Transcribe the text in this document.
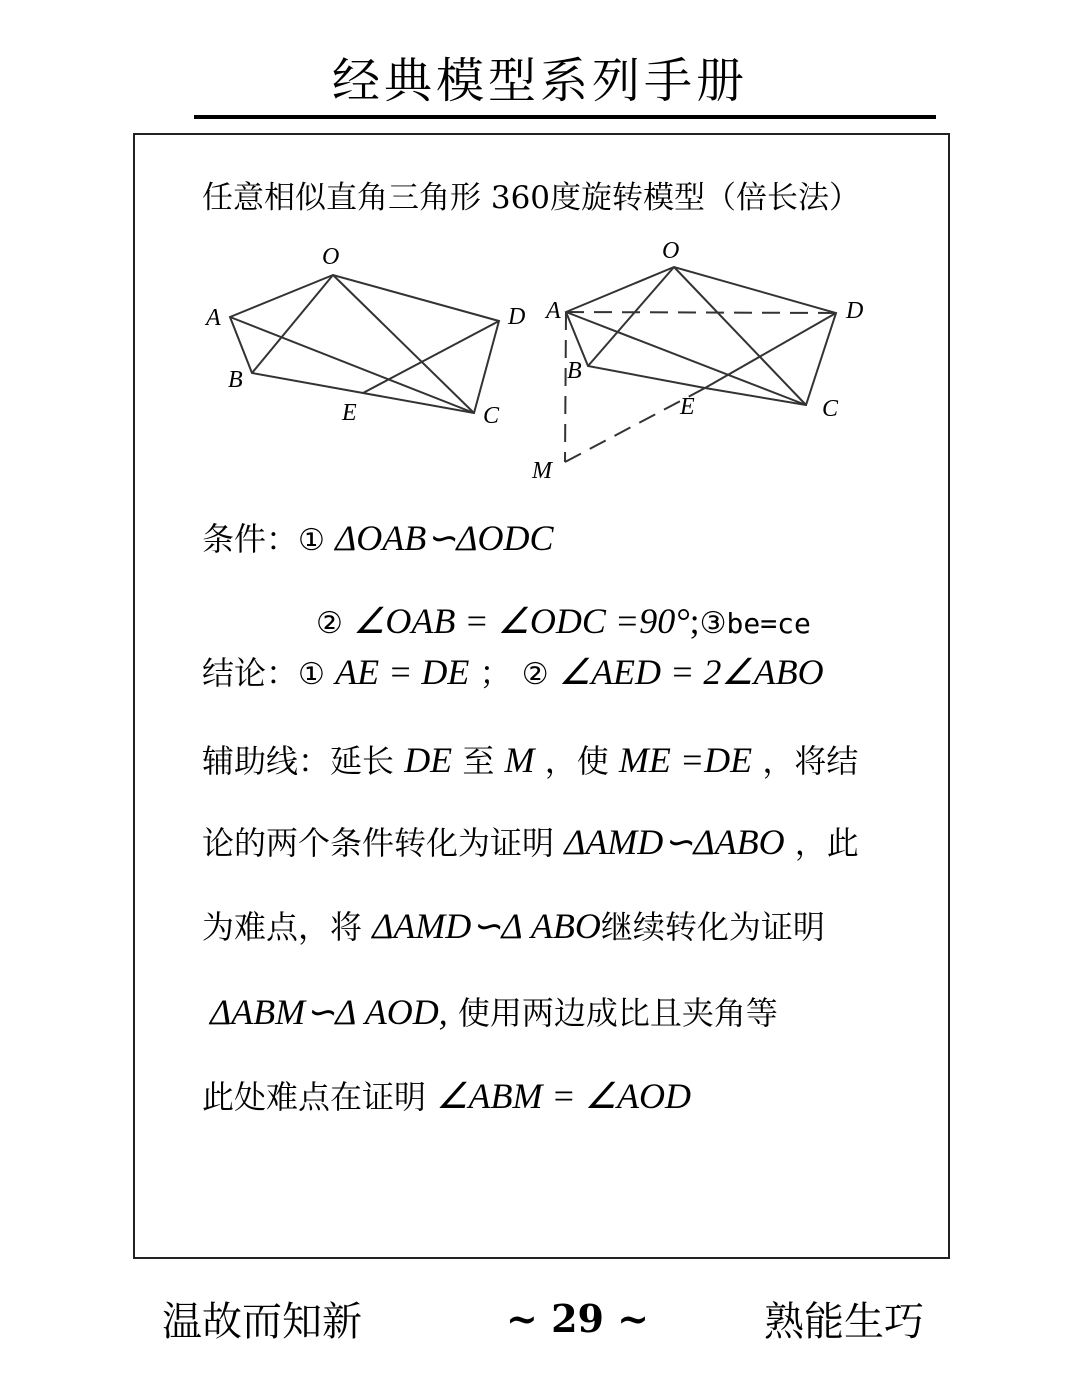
经典模型系列手册
任意相似直角三角形 360度旋转模型（倍长法）
O
A	D
B
E	C
O
A	D
B
E	C
M
条件：① ΔOAB∽ΔODC
② ∠OAB = ∠ODC =90°;③be=ce
结论：① AE = DE ； ② ∠AED = 2∠ABO
辅助线：延长 DE 至 M ，使 ME =DE ，将结
论的两个条件转化为证明 ΔAMD∽ΔABO ，此
为难点，将 ΔAMD∽Δ ABO继续转化为证明
ΔABM∽Δ AOD, 使用两边成比且夹角等
此处难点在证明 ∠ABM = ∠AOD
温故而知新	~ 29 ~	熟能生巧
